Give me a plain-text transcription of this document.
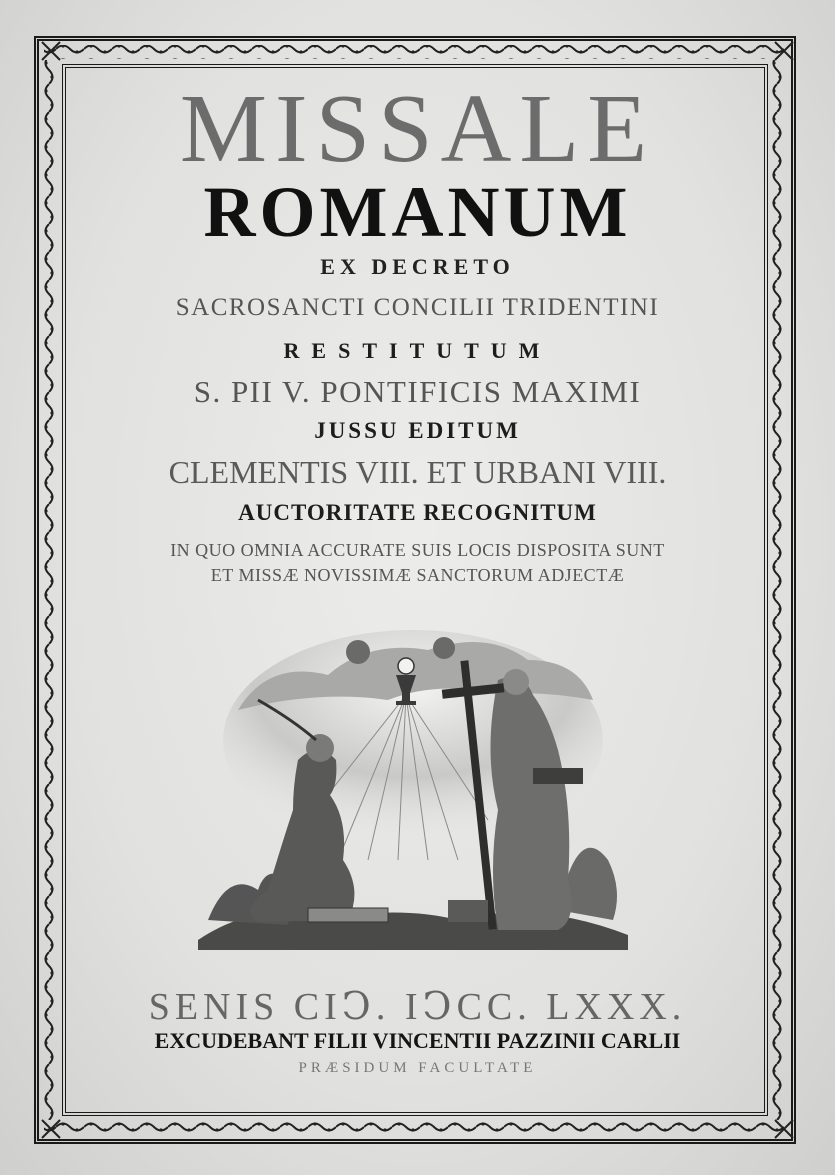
MISSALE
ROMANUM
EX DECRETO
SACROSANCTI CONCILII TRIDENTINI
RESTITUTUM
S. PII V. PONTIFICIS MAXIMI
JUSSU EDITUM
CLEMENTIS VIII. ET URBANI VIII.
AUCTORITATE RECOGNITUM
IN QUO OMNIA ACCURATE SUIS LOCIS DISPOSITA SUNT
ET MISSÆ NOVISSIMÆ SANCTORUM ADJECTÆ
SENIS CIↃ. IↃCC. LXXX.
EXCUDEBANT FILII VINCENTII PAZZINII CARLII
PRÆSIDUM FACULTATE
